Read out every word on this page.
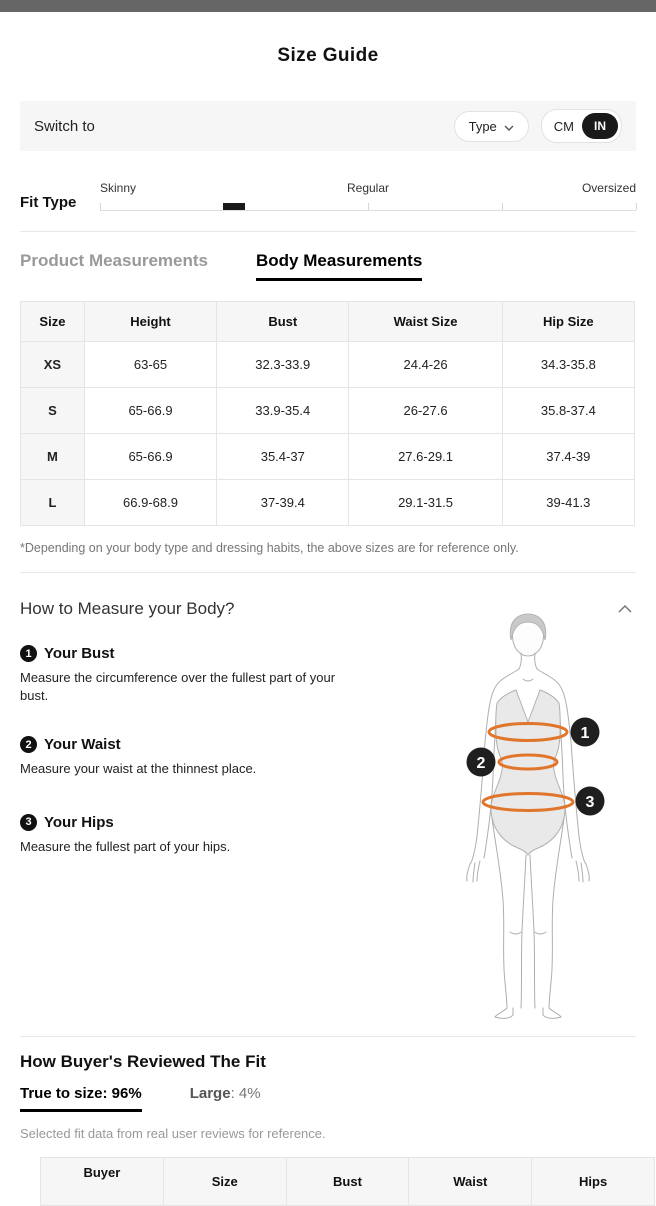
Size Guide
Switch to	Type	CM	IN
Fit Type
Skinny	Regular	Oversized
Product Measurements	Body Measurements
Size	Height	Bust	Waist Size	Hip Size
XS	63-65	32.3-33.9	24.4-26	34.3-35.8
S	65-66.9	33.9-35.4	26-27.6	35.8-37.4
M	65-66.9	35.4-37	27.6-29.1	37.4-39
L	66.9-68.9	37-39.4	29.1-31.5	39-41.3

*Depending on your body type and dressing habits, the above sizes are for reference only.

How to Measure your Body?
1 Your Bust
Measure the circumference over the fullest part of your bust.
2 Your Waist
Measure your waist at the thinnest place.
3 Your Hips
Measure the fullest part of your hips.
1
2
3
How Buyer's Reviewed The Fit
True to size: 96%	Large: 4%
Selected fit data from real user reviews for reference.
Buyer	Size	Bust	Waist	Hips
